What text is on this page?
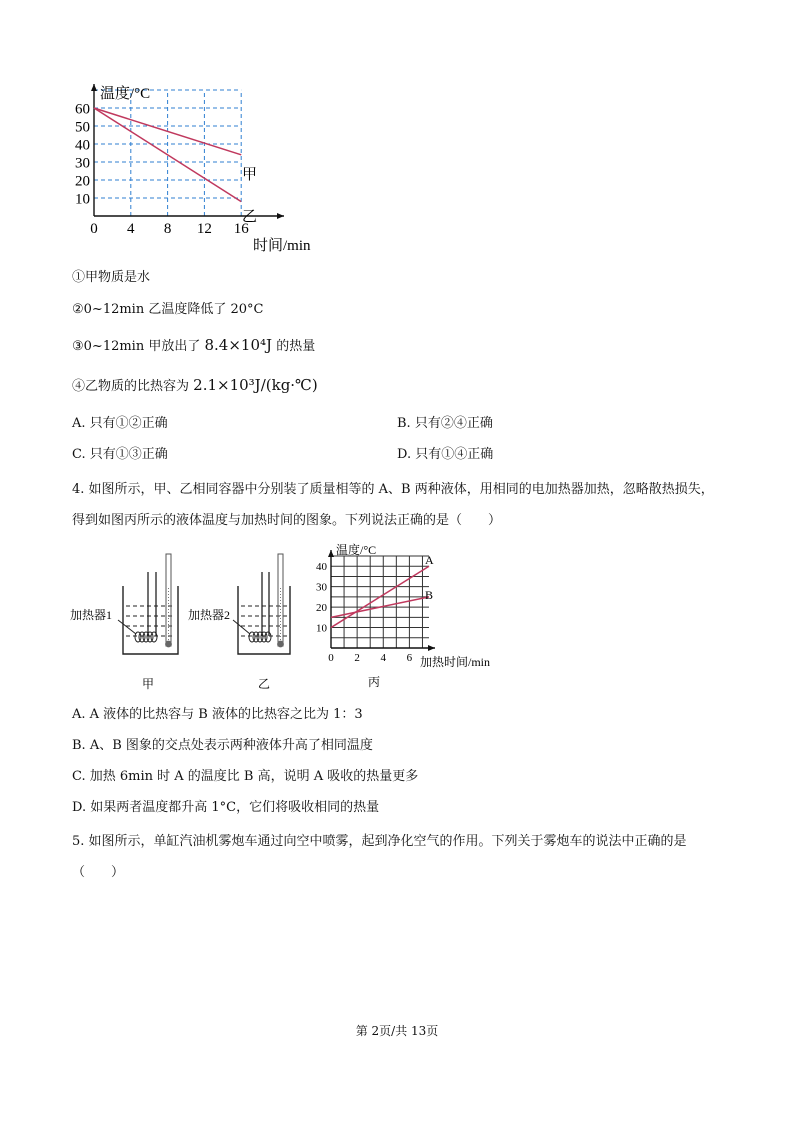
0 4 8 12 16
10
20
30
40
50
60
温度/°C
时间/min
甲
乙
①甲物质是水
②0~12min 乙温度降低了 20°C
③0~12min 甲放出了 8.4×10⁴J 的热量
④乙物质的比热容为 2.1×10³J/(kg·℃)
A. 只有①②正确	B. 只有②④正确
C. 只有①③正确	D. 只有①④正确
4. 如图所示，甲、乙相同容器中分别装了质量相等的 A、B 两种液体，用相同的电加热器加热，忽略散热损失，得到如图丙所示的液体温度与加热时间的图象。下列说法正确的是（　　）
加热器1	加热器2
甲	乙
0 2 4 6
10
20
30
40
温度/°C
加热时间/min
A
B
丙
A. A 液体的比热容与 B 液体的比热容之比为 1：3
B. A、B 图象的交点处表示两种液体升高了相同温度
C. 加热 6min 时 A 的温度比 B 高，说明 A 吸收的热量更多
D. 如果两者温度都升高 1°C，它们将吸收相同的热量
5. 如图所示，单缸汽油机雾炮车通过向空中喷雾，起到净化空气的作用。下列关于雾炮车的说法中正确的是（　　）
第 2页/共 13页
